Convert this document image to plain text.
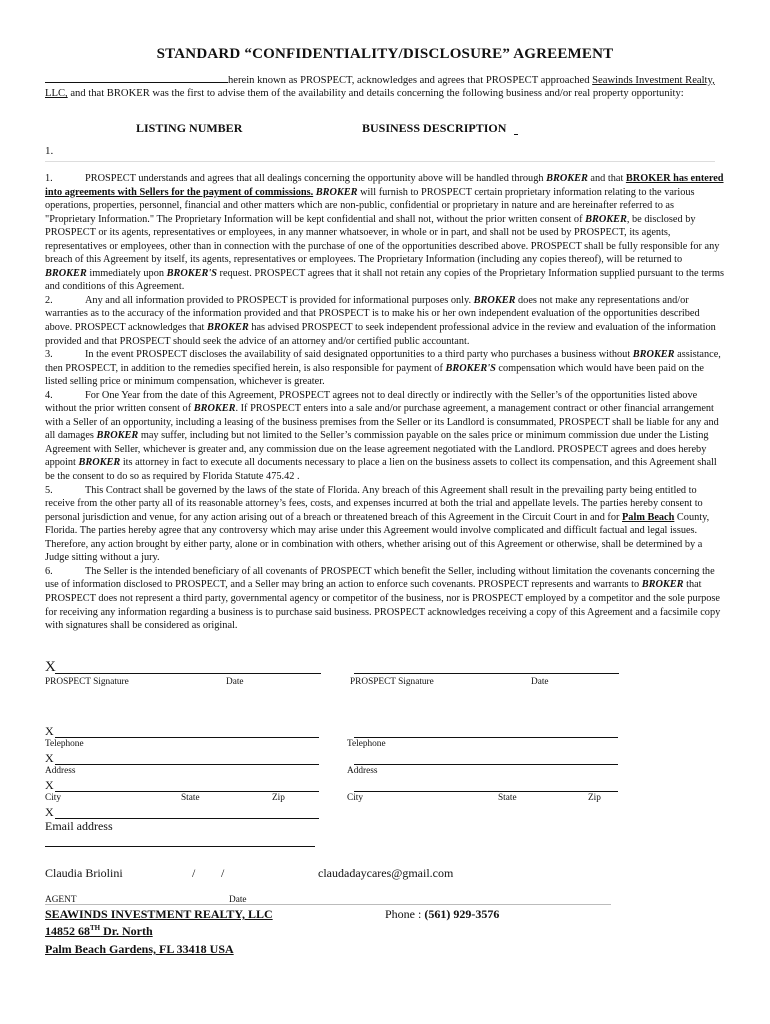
STANDARD “CONFIDENTIALITY/DISCLOSURE” AGREEMENT
herein known as PROSPECT, acknowledges and agrees that PROSPECT approached Seawinds Investment Realty, LLC, and that BROKER was the first to advise them of the availability and details concerning the following business and/or real property opportunity:
LISTING NUMBER	BUSINESS DESCRIPTION
1.

1.	PROSPECT understands and agrees that all dealings concerning the opportunity above will be handled through BROKER and that BROKER has entered into agreements with Sellers for the payment of commissions. BROKER will furnish to PROSPECT certain proprietary information relating to the various operations, properties, personnel, financial and other matters which are non-public, confidential or proprietary in nature and are hereinafter referred to as "Proprietary Information." The Proprietary Information will be kept confidential and shall not, without the prior written consent of BROKER, be disclosed by PROSPECT or its agents, representatives or employees, in any manner whatsoever, in whole or in part, and shall not be used by PROSPECT, its agents, representatives or employees, other than in connection with the purchase of one of the opportunities described above. PROSPECT shall be fully responsible for any breach of this Agreement by itself, its agents, representatives or employees. The Proprietary Information (including any copies thereof), will be returned to BROKER immediately upon BROKER'S request. PROSPECT agrees that it shall not retain any copies of the Proprietary Information supplied pursuant to the terms and conditions of this Agreement.

2.	Any and all information provided to PROSPECT is provided for informational purposes only. BROKER does not make any representations and/or warranties as to the accuracy of the information provided and that PROSPECT is to make his or her own independent evaluation of the opportunities described above. PROSPECT acknowledges that BROKER has advised PROSPECT to seek independent professional advice in the review and evaluation of the information provided and that PROSPECT should seek the advice of an attorney and/or certified public accountant.

3.	In the event PROSPECT discloses the availability of said designated opportunities to a third party who purchases a business without BROKER assistance, then PROSPECT, in addition to the remedies specified herein, is also responsible for payment of BROKER'S compensation which would have been paid on the listed selling price or minimum compensation, whichever is greater.

4.	For One Year from the date of this Agreement, PROSPECT agrees not to deal directly or indirectly with the Seller’s of the opportunities listed above without the prior written consent of BROKER. If PROSPECT enters into a sale and/or purchase agreement, a management contract or other financial arrangement with a Seller of an opportunity, including a leasing of the business premises from the Seller or its Landlord is consummated, PROSPECT shall be liable for any and all damages BROKER may suffer, including but not limited to the Seller’s commission payable on the sales price or minimum commission due under the Listing Agreement with Seller, whichever is greater and, any commission due on the lease agreement negotiated with the Landlord. PROSPECT agrees and does hereby appoint BROKER its attorney in fact to execute all documents necessary to place a lien on the business assets to collect its compensation, and this Agreement shall be the consent to do so as required by Florida Statute 475.42 .

5.	This Contract shall be governed by the laws of the state of Florida. Any breach of this Agreement shall result in the prevailing party being entitled to receive from the other party all of its reasonable attorney’s fees, costs, and expenses incurred at both the trial and appellate levels. The parties hereby consent to personal jurisdiction and venue, for any action arising out of a breach or threatened breach of this Agreement in the Circuit Court in and for Palm Beach County, Florida. The parties hereby agree that any controversy which may arise under this Agreement would involve complicated and difficult factual and legal issues. Therefore, any action brought by either party, alone or in combination with others, whether arising out of this Agreement or otherwise, shall be determined by a Judge sitting without a jury.

6.	The Seller is the intended beneficiary of all covenants of PROSPECT which benefit the Seller, including without limitation the covenants concerning the use of information disclosed to PROSPECT, and a Seller may bring an action to enforce such covenants. PROSPECT represents and warrants to BROKER that PROSPECT does not represent a third party, governmental agency or competitor of the business, nor is PROSPECT employed by a competitor and the sole purpose for receiving any information regarding a business is to purchase said business. PROSPECT acknowledges receiving a copy of this Agreement and a facsimile copy with signatures shall be considered as original.

X
PROSPECT Signature	Date	PROSPECT Signature	Date
X
Telephone
X
Address
X
City	State	Zip
X
Email address
Telephone
Address
City	State	Zip
Claudia Briolini	/ /	claudadaycares@gmail.com
AGENT	Date
SEAWINDS INVESTMENT REALTY, LLC	Phone : (561) 929-3576
14852 68TH Dr. North
Palm Beach Gardens, FL 33418 USA
